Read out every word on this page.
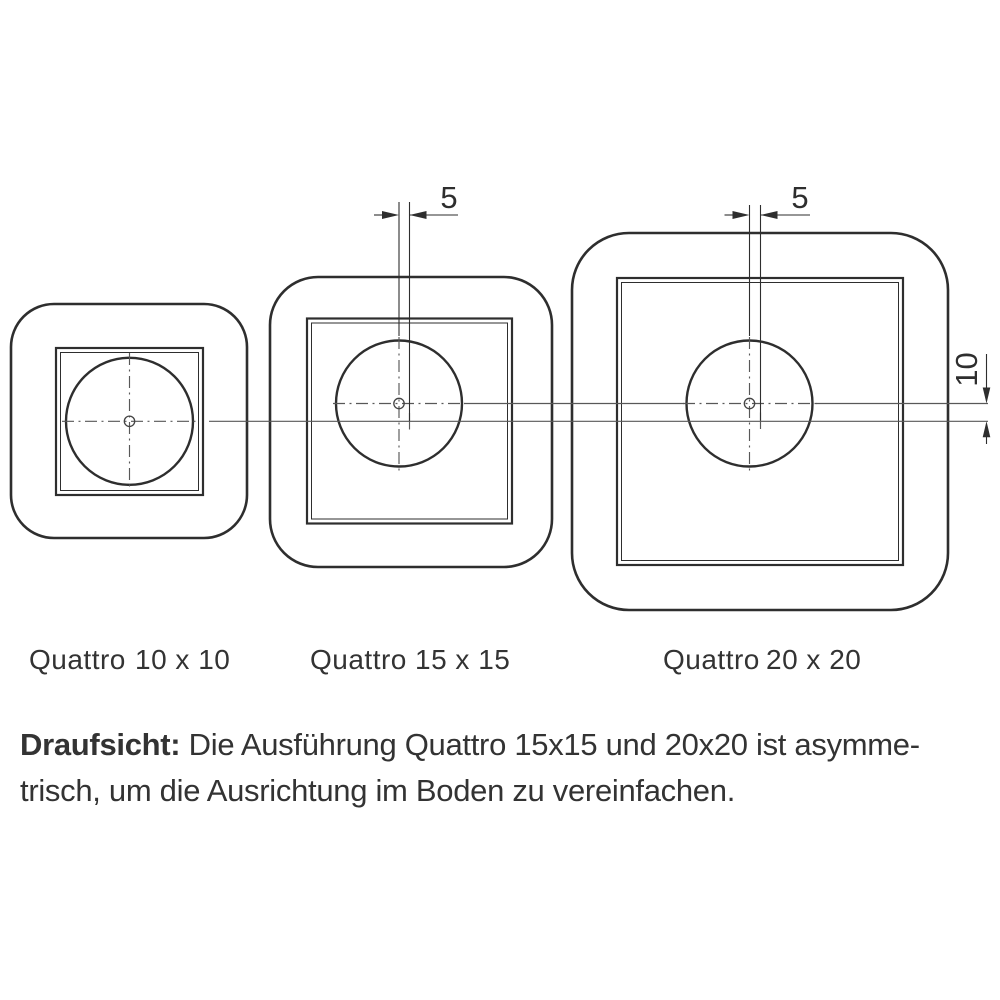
5	5
10
Quattro 10 x 10	Quattro 15 x 15	Quattro 20 x 20
Draufsicht: Die Ausführung Quattro 15x15 und 20x20 ist asymme-
trisch, um die Ausrichtung im Boden zu vereinfachen.
